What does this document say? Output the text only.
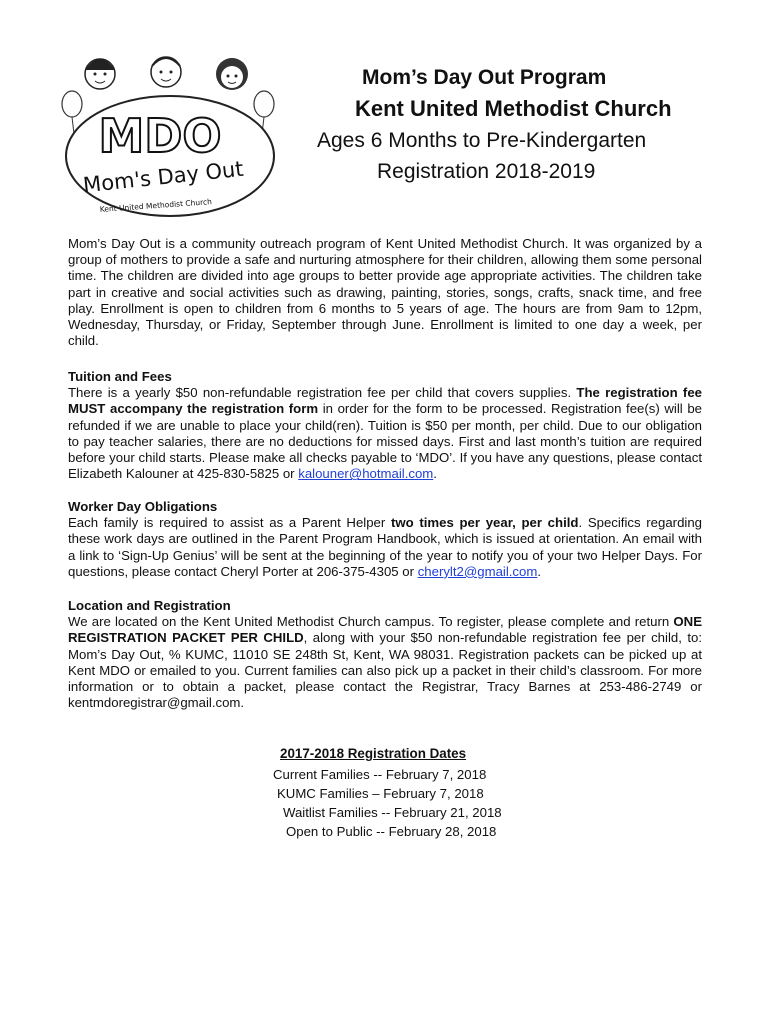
MDO
Mom's Day Out
Kent United Methodist Church
Mom’s Day Out Program
Kent United Methodist Church
Ages 6 Months to Pre-Kindergarten
Registration 2018-2019
Mom’s Day Out is a community outreach program of Kent United Methodist Church. It was organized by a group of mothers to provide a safe and nurturing atmosphere for their children, allowing them some personal time. The children are divided into age groups to better provide age appropriate activities. The children take part in creative and social activities such as drawing, painting, stories, songs, crafts, snack time, and free play. Enrollment is open to children from 6 months to 5 years of age. The hours are from 9am to 12pm, Wednesday, Thursday, or Friday, September through June. Enrollment is limited to one day a week, per child.
Tuition and Fees
There is a yearly $50 non-refundable registration fee per child that covers supplies. The registration fee MUST accompany the registration form in order for the form to be processed. Registration fee(s) will be refunded if we are unable to place your child(ren). Tuition is $50 per month, per child. Due to our obligation to pay teacher salaries, there are no deductions for missed days. First and last month’s tuition are required before your child starts. Please make all checks payable to ‘MDO’. If you have any questions, please contact Elizabeth Kalouner at 425-830-5825 or kalouner@hotmail.com.
Worker Day Obligations
Each family is required to assist as a Parent Helper two times per year, per child. Specifics regarding these work days are outlined in the Parent Program Handbook, which is issued at orientation. An email with a link to ‘Sign-Up Genius’ will be sent at the beginning of the year to notify you of your two Helper Days. For questions, please contact Cheryl Porter at 206-375-4305 or cherylt2@gmail.com.
Location and Registration
We are located on the Kent United Methodist Church campus. To register, please complete and return ONE REGISTRATION PACKET PER CHILD, along with your $50 non-refundable registration fee per child, to: Mom’s Day Out, % KUMC, 11010 SE 248th St, Kent, WA 98031. Registration packets can be picked up at Kent MDO or emailed to you. Current families can also pick up a packet in their child’s classroom. For more information or to obtain a packet, please contact the Registrar, Tracy Barnes at 253-486-2749 or kentmdoregistrar@gmail.com.
2017-2018 Registration Dates
Current Families -- February 7, 2018
KUMC Families – February 7, 2018
Waitlist Families -- February 21, 2018
Open to Public -- February 28, 2018
